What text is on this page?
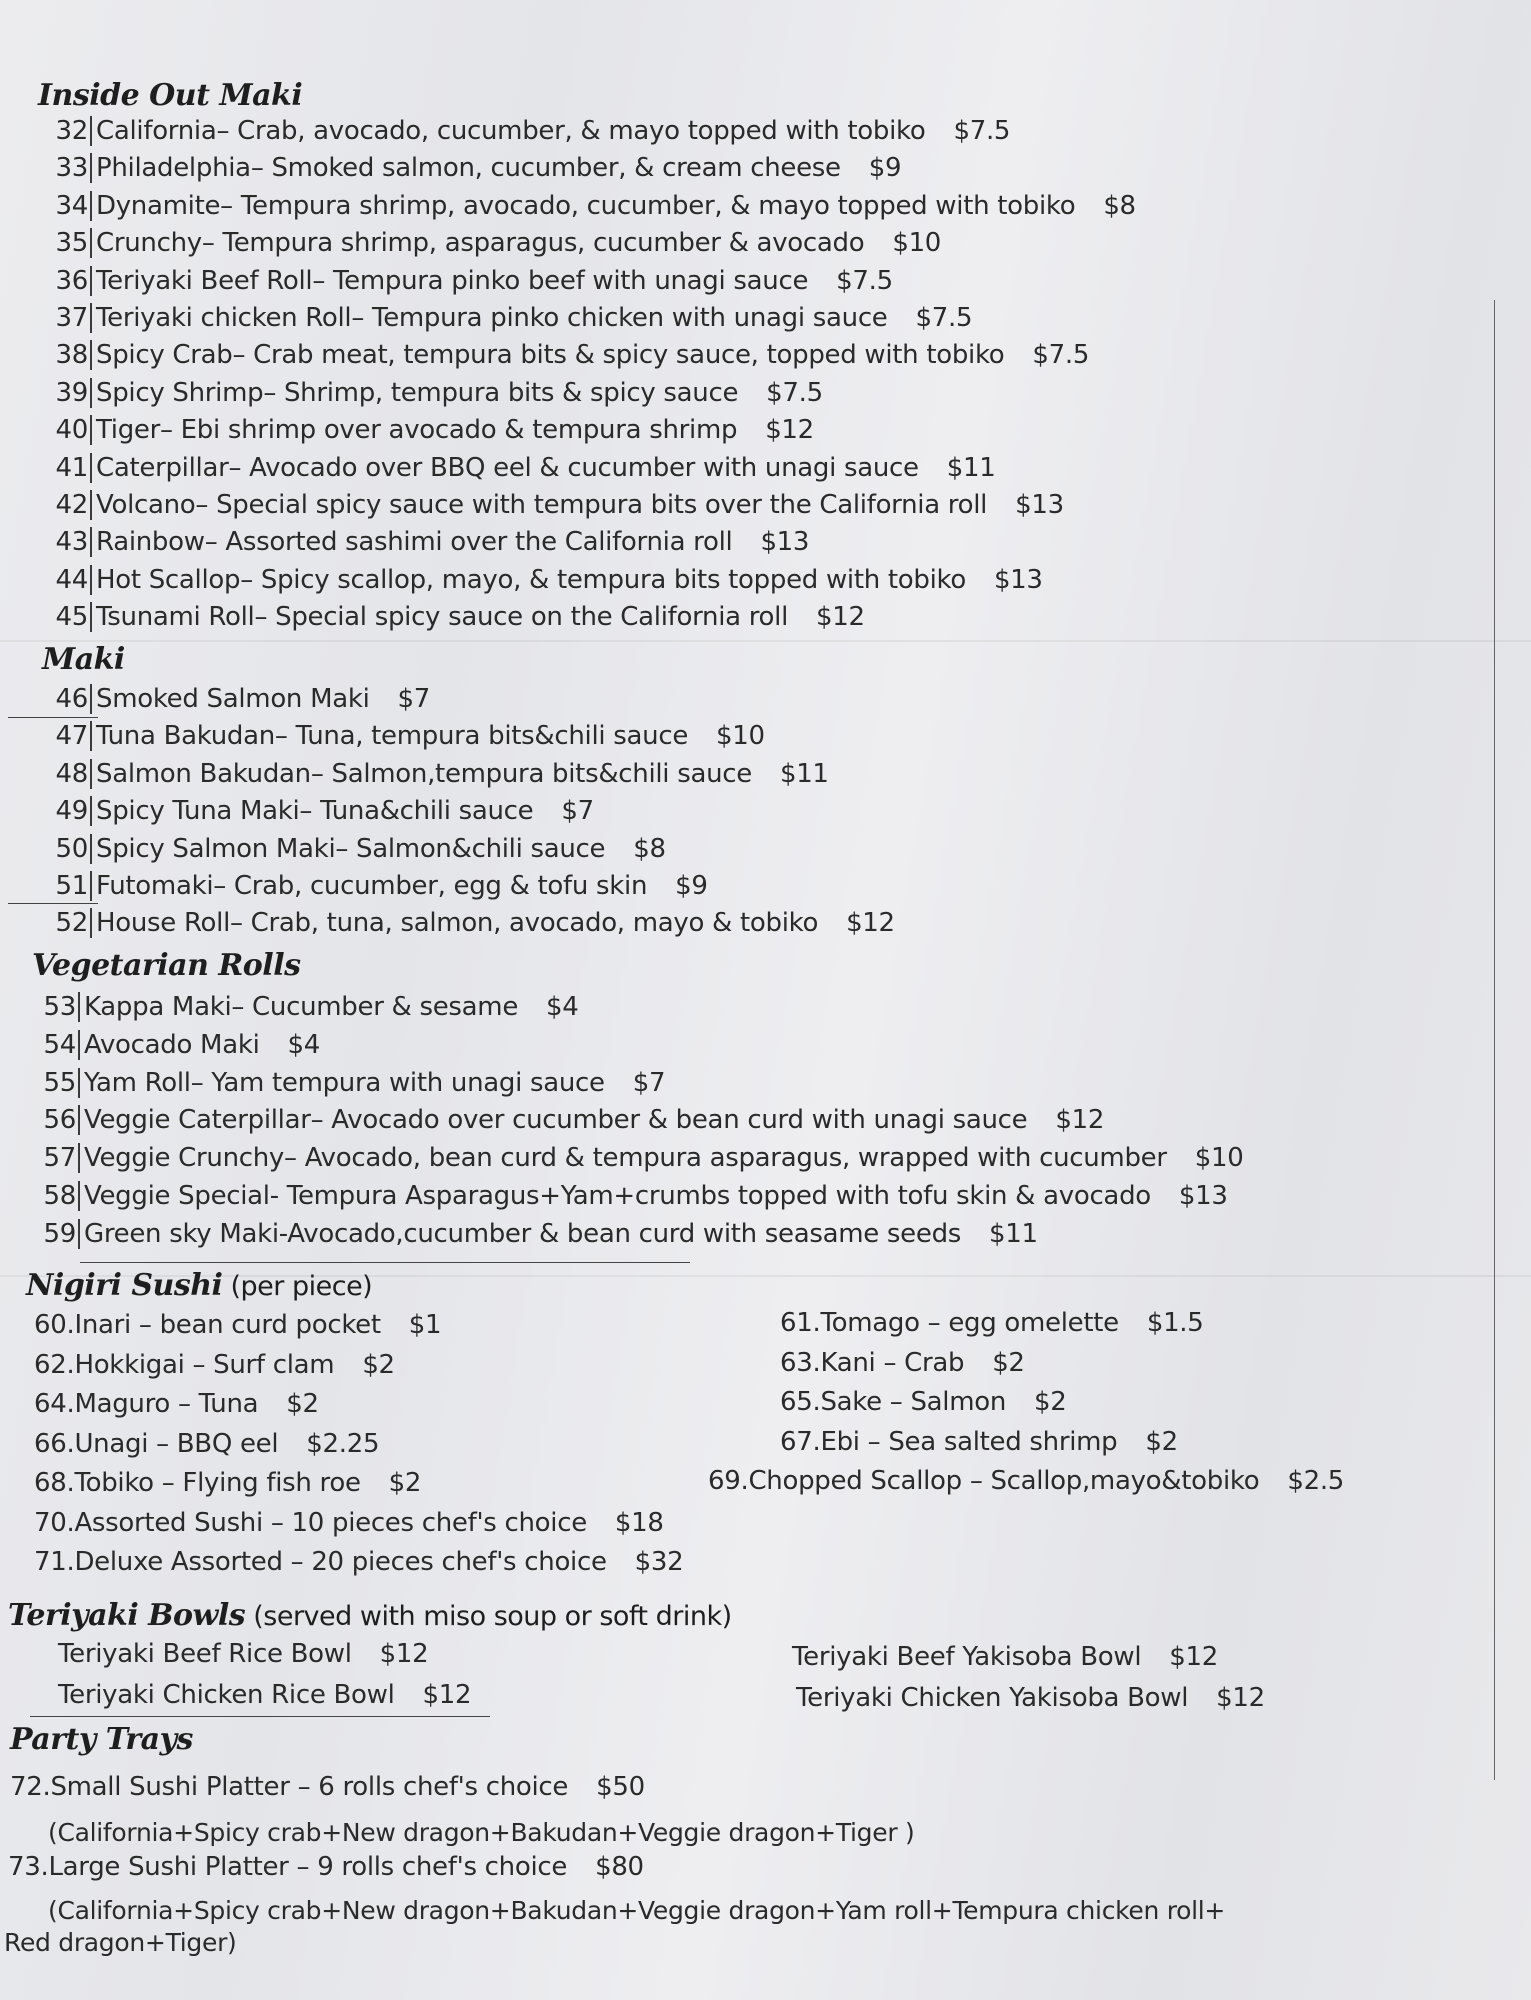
Inside Out Maki
32 California – Crab, avocado, cucumber, & mayo topped with tobiko $7.5
33 Philadelphia – Smoked salmon, cucumber, & cream cheese $9
34 Dynamite – Tempura shrimp, avocado, cucumber, & mayo topped with tobiko $8
35 Crunchy – Tempura shrimp, asparagus, cucumber & avocado $10
36 Teriyaki Beef Roll – Tempura pinko beef with unagi sauce $7.5
37 Teriyaki chicken Roll – Tempura pinko chicken with unagi sauce $7.5
38 Spicy Crab – Crab meat, tempura bits & spicy sauce, topped with tobiko $7.5
39 Spicy Shrimp – Shrimp, tempura bits & spicy sauce $7.5
40 Tiger – Ebi shrimp over avocado & tempura shrimp $12
41 Caterpillar – Avocado over BBQ eel & cucumber with unagi sauce $11
42 Volcano – Special spicy sauce with tempura bits over the California roll $13
43 Rainbow – Assorted sashimi over the California roll $13
44 Hot Scallop – Spicy scallop, mayo, & tempura bits topped with tobiko $13
45 Tsunami Roll – Special spicy sauce on the California roll $12
Maki
46 Smoked Salmon Maki $7
47 Tuna Bakudan – Tuna, tempura bits&chili sauce $10
48 Salmon Bakudan – Salmon,tempura bits&chili sauce $11
49 Spicy Tuna Maki – Tuna&chili sauce $7
50 Spicy Salmon Maki – Salmon&chili sauce $8
51 Futomaki – Crab, cucumber, egg & tofu skin $9
52 House Roll – Crab, tuna, salmon, avocado, mayo & tobiko $12
Vegetarian Rolls
53 Kappa Maki – Cucumber & sesame $4
54 Avocado Maki $4
55 Yam Roll – Yam tempura with unagi sauce $7
56 Veggie Caterpillar – Avocado over cucumber & bean curd with unagi sauce $12
57 Veggie Crunchy – Avocado, bean curd & tempura asparagus, wrapped with cucumber $10
58 Veggie Special - Tempura Asparagus+Yam+crumbs topped with tofu skin & avocado $13
59 Green sky Maki -Avocado,cucumber & bean curd with seasame seeds $11
Nigiri Sushi (per piece)
60.Inari – bean curd pocket $1
62.Hokkigai – Surf clam $2
64.Maguro – Tuna $2
66.Unagi – BBQ eel $2.25
68.Tobiko – Flying fish roe $2
70.Assorted Sushi – 10 pieces chef's choice $18
71.Deluxe Assorted – 20 pieces chef's choice $32
61.Tomago – egg omelette $1.5
63.Kani – Crab $2
65.Sake – Salmon $2
67.Ebi – Sea salted shrimp $2
69.Chopped Scallop – Scallop,mayo&tobiko $2.5
Teriyaki Bowls (served with miso soup or soft drink)
Teriyaki Beef Rice Bowl $12
Teriyaki Chicken Rice Bowl $12
Teriyaki Beef Yakisoba Bowl $12
Teriyaki Chicken Yakisoba Bowl $12
Party Trays
72.Small Sushi Platter – 6 rolls chef's choice $50
(California+Spicy crab+New dragon+Bakudan+Veggie dragon+Tiger )
73.Large Sushi Platter – 9 rolls chef's choice $80
(California+Spicy crab+New dragon+Bakudan+Veggie dragon+Yam roll+Tempura chicken roll+
Red dragon+Tiger)
